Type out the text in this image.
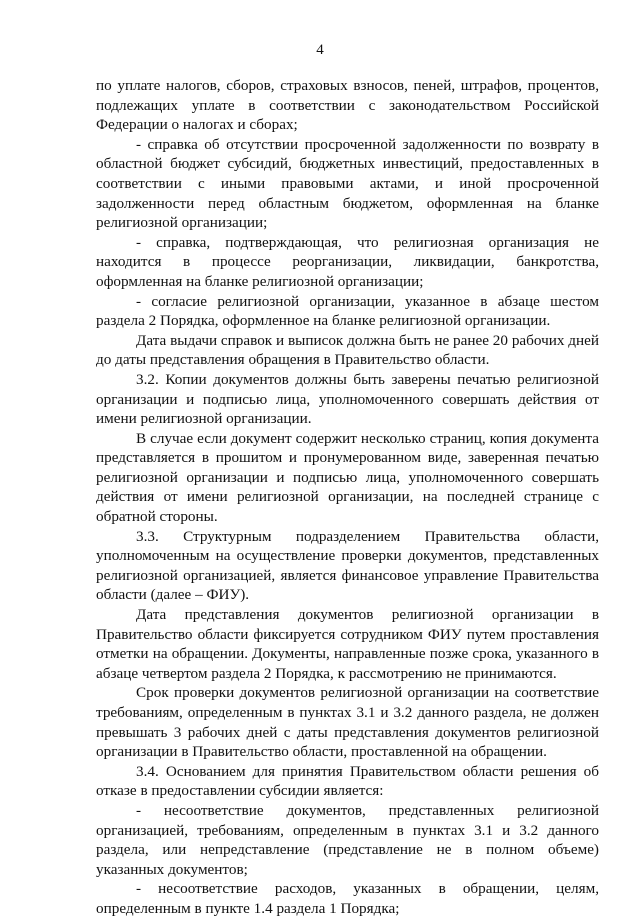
4

по уплате налогов, сборов, страховых взносов, пеней, штрафов, процентов, подлежащих уплате в соответствии с законодательством Российской Федерации о налогах и сборах;

- справка об отсутствии просроченной задолженности по возврату в областной бюджет субсидий, бюджетных инвестиций, предоставленных в соответствии с иными правовыми актами, и иной просроченной задолженности перед областным бюджетом, оформленная на бланке религиозной организации;

- справка, подтверждающая, что религиозная организация не находится в процессе реорганизации, ликвидации, банкротства, оформленная на бланке религиозной организации;

- согласие религиозной организации, указанное в абзаце шестом раздела 2 Порядка, оформленное на бланке религиозной организации.

Дата выдачи справок и выписок должна быть не ранее 20 рабочих дней до даты представления обращения в Правительство области.

3.2. Копии документов должны быть заверены печатью религиозной организации и подписью лица, уполномоченного совершать действия от имени религиозной организации.

В случае если документ содержит несколько страниц, копия документа представляется в прошитом и пронумерованном виде, заверенная печатью религиозной организации и подписью лица, уполномоченного совершать действия от имени религиозной организации, на последней странице с обратной стороны.

3.3. Структурным подразделением Правительства области, уполномоченным на осуществление проверки документов, представленных религиозной организацией, является финансовое управление Правительства области (далее – ФИУ).

Дата представления документов религиозной организации в Правительство области фиксируется сотрудником ФИУ путем проставления отметки на обращении. Документы, направленные позже срока, указанного в абзаце четвертом раздела 2 Порядка, к рассмотрению не принимаются.

Срок проверки документов религиозной организации на соответствие требованиям, определенным в пунктах 3.1 и 3.2 данного раздела, не должен превышать 3 рабочих дней с даты представления документов религиозной организации в Правительство области, проставленной на обращении.

3.4. Основанием для принятия Правительством области решения об отказе в предоставлении субсидии является:

- несоответствие документов, представленных религиозной организацией, требованиям, определенным в пунктах 3.1 и 3.2 данного раздела, или непредставление (представление не в полном объеме) указанных документов;

- несоответствие расходов, указанных в обращении, целям, определенным в пункте 1.4 раздела 1 Порядка;
